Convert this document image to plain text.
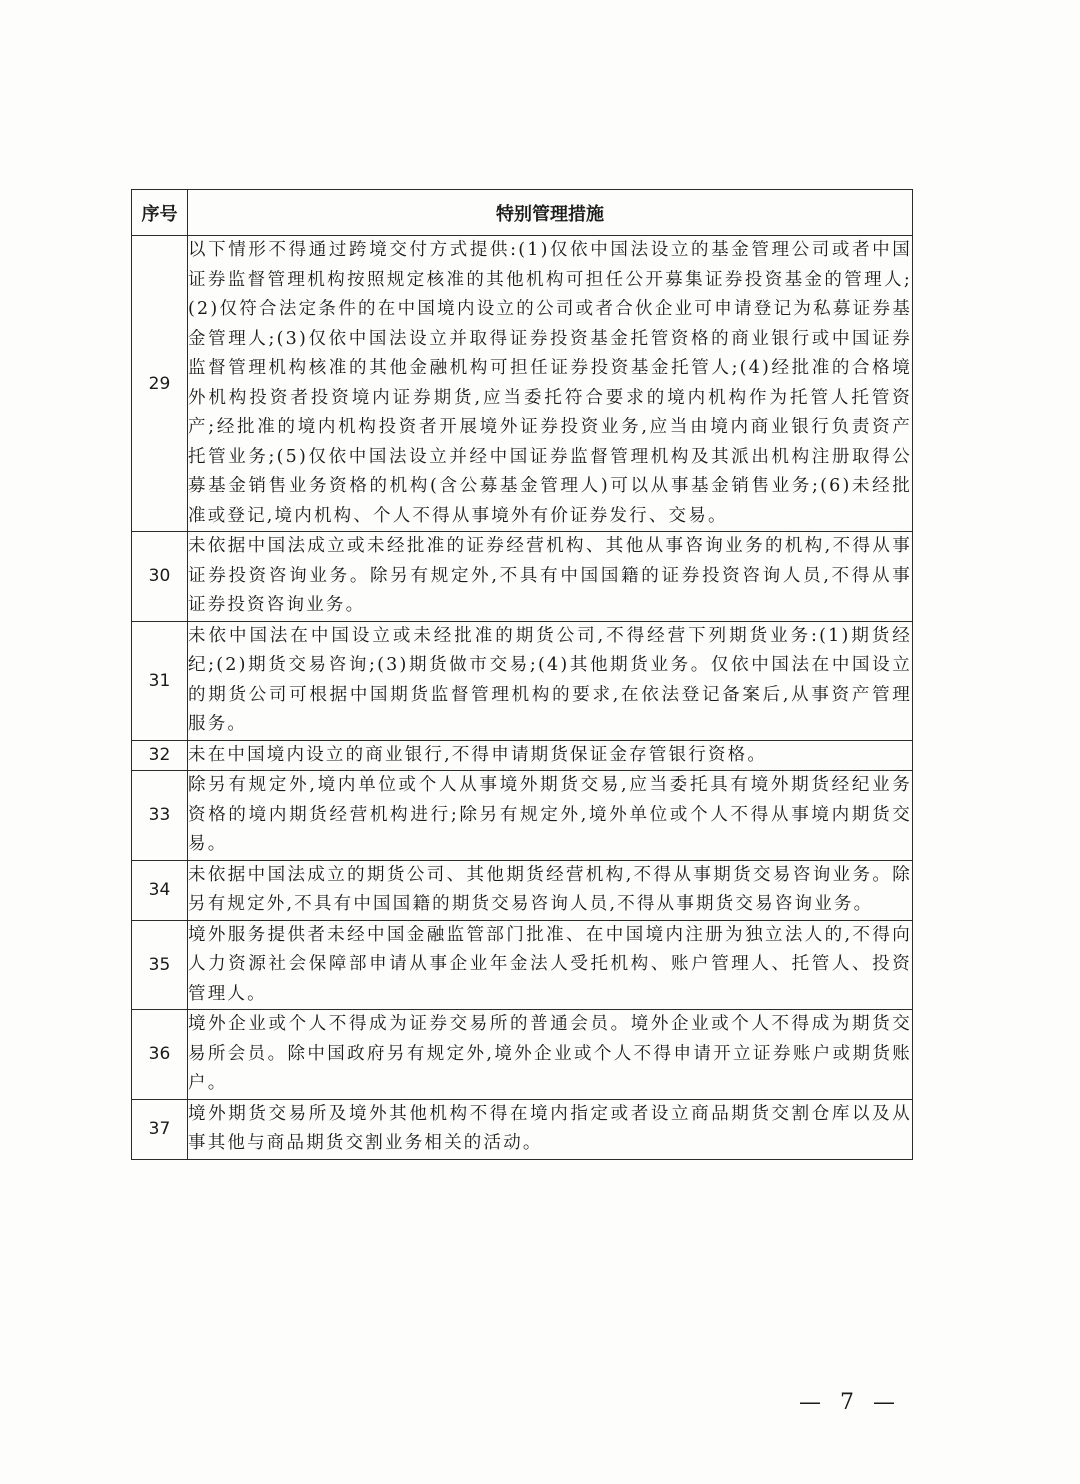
序号	特别管理措施
29	以下情形不得通过跨境交付方式提供:(1)仅依中国法设立的基金管理公司或者中国证券监督管理机构按照规定核准的其他机构可担任公开募集证券投资基金的管理人;(2)仅符合法定条件的在中国境内设立的公司或者合伙企业可申请登记为私募证券基金管理人;(3)仅依中国法设立并取得证券投资基金托管资格的商业银行或中国证券监督管理机构核准的其他金融机构可担任证券投资基金托管人;(4)经批准的合格境外机构投资者投资境内证券期货,应当委托符合要求的境内机构作为托管人托管资产;经批准的境内机构投资者开展境外证券投资业务,应当由境内商业银行负责资产托管业务;(5)仅依中国法设立并经中国证券监督管理机构及其派出机构注册取得公募基金销售业务资格的机构(含公募基金管理人)可以从事基金销售业务;(6)未经批准或登记,境内机构、个人不得从事境外有价证券发行、交易。
30	未依据中国法成立或未经批准的证券经营机构、其他从事咨询业务的机构,不得从事证券投资咨询业务。除另有规定外,不具有中国国籍的证券投资咨询人员,不得从事证券投资咨询业务。
31	未依中国法在中国设立或未经批准的期货公司,不得经营下列期货业务:(1)期货经纪;(2)期货交易咨询;(3)期货做市交易;(4)其他期货业务。仅依中国法在中国设立的期货公司可根据中国期货监督管理机构的要求,在依法登记备案后,从事资产管理服务。
32	未在中国境内设立的商业银行,不得申请期货保证金存管银行资格。
33	除另有规定外,境内单位或个人从事境外期货交易,应当委托具有境外期货经纪业务资格的境内期货经营机构进行;除另有规定外,境外单位或个人不得从事境内期货交易。
34	未依据中国法成立的期货公司、其他期货经营机构,不得从事期货交易咨询业务。除另有规定外,不具有中国国籍的期货交易咨询人员,不得从事期货交易咨询业务。
35	境外服务提供者未经中国金融监管部门批准、在中国境内注册为独立法人的,不得向人力资源社会保障部申请从事企业年金法人受托机构、账户管理人、托管人、投资管理人。
36	境外企业或个人不得成为证券交易所的普通会员。境外企业或个人不得成为期货交易所会员。除中国政府另有规定外,境外企业或个人不得申请开立证券账户或期货账户。
37	境外期货交易所及境外其他机构不得在境内指定或者设立商品期货交割仓库以及从事其他与商品期货交割业务相关的活动。
— 7 —
